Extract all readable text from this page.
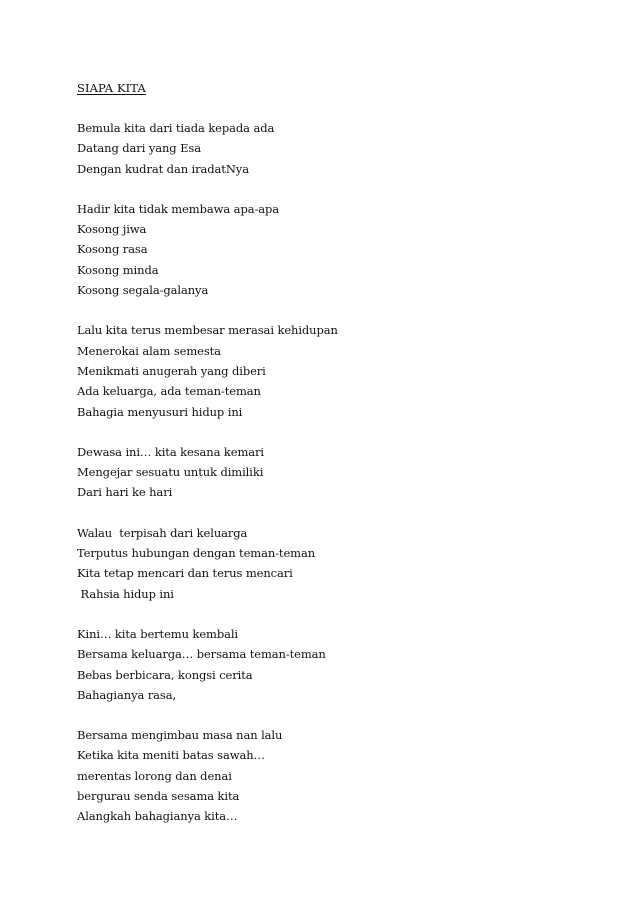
SIAPA KITA
Bemula kita dari tiada kepada ada
Datang dari yang Esa
Dengan kudrat dan iradatNya
Hadir kita tidak membawa apa-apa
Kosong jiwa
Kosong rasa
Kosong minda
Kosong segala-galanya
Lalu kita terus membesar merasai kehidupan
Menerokai alam semesta
Menikmati anugerah yang diberi
Ada keluarga, ada teman-teman
Bahagia menyusuri hidup ini
Dewasa ini… kita kesana kemari
Mengejar sesuatu untuk dimiliki
Dari hari ke hari
Walau  terpisah dari keluarga
Terputus hubungan dengan teman-teman
Kita tetap mencari dan terus mencari
Rahsia hidup ini
Kini… kita bertemu kembali
Bersama keluarga… bersama teman-teman
Bebas berbicara, kongsi cerita
Bahagianya rasa,
Bersama mengimbau masa nan lalu
Ketika kita meniti batas sawah…
merentas lorong dan denai
bergurau senda sesama kita
Alangkah bahagianya kita…
